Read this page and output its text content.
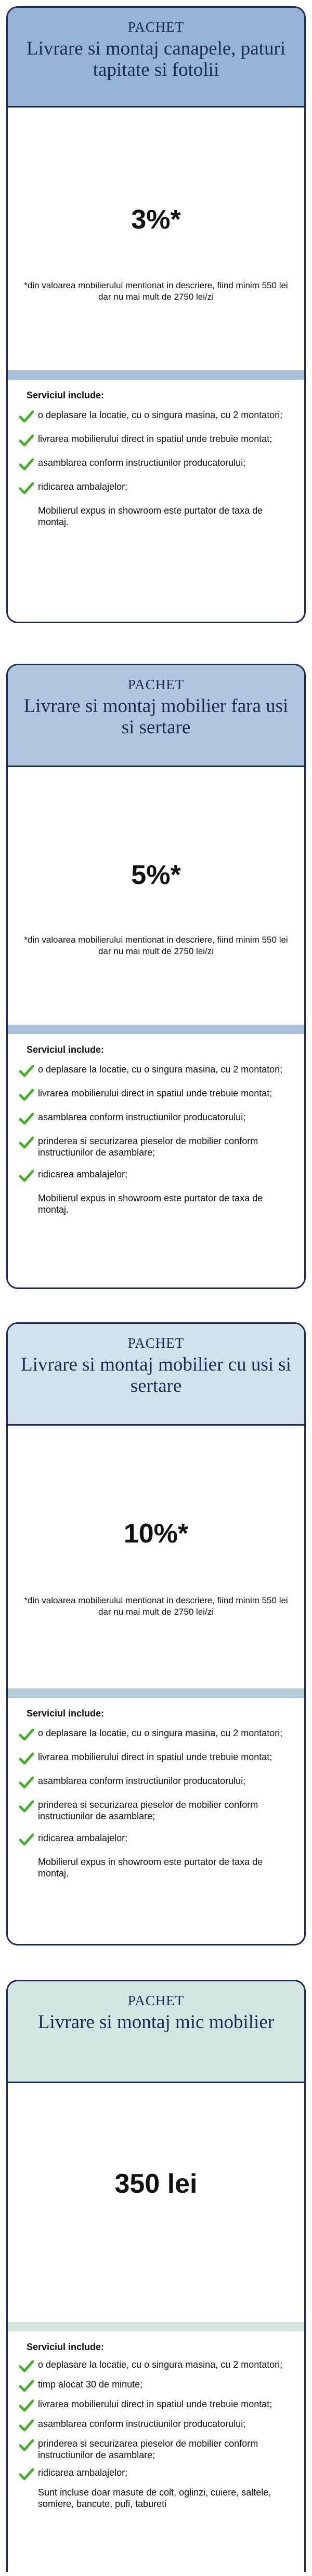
PACHET
Livrare si montaj canapele, paturi tapitate si fotolii
3%*
*din valoarea mobilierului mentionat in descriere, fiind minim 550 lei dar nu mai mult de 2750 lei/zi
Serviciul include:
o deplasare la locatie, cu o singura masina, cu 2 montatori;
livrarea mobilierului direct in spatiul unde trebuie montat;
asamblarea conform instructiunilor producatorului;
ridicarea ambalajelor;
Mobilierul expus in showroom este purtator de taxa de montaj.
PACHET
Livrare si montaj mobilier fara usi si sertare
5%*
*din valoarea mobilierului mentionat in descriere, fiind minim 550 lei dar nu mai mult de 2750 lei/zi
Serviciul include:
o deplasare la locatie, cu o singura masina, cu 2 montatori;
livrarea mobilierului direct in spatiul unde trebuie montat;
asamblarea conform instructiunilor producatorului;
prinderea si securizarea pieselor de mobilier conform instructiunilor de asamblare;
ridicarea ambalajelor;
Mobilierul expus in showroom este purtator de taxa de montaj.
PACHET
Livrare si montaj mobilier cu usi si sertare
10%*
*din valoarea mobilierului mentionat in descriere, fiind minim 550 lei dar nu mai mult de 2750 lei/zi
Serviciul include:
o deplasare la locatie, cu o singura masina, cu 2 montatori;
livrarea mobilierului direct in spatiul unde trebuie montat;
asamblarea conform instructiunilor producatorului;
prinderea si securizarea pieselor de mobilier conform instructiunilor de asamblare;
ridicarea ambalajelor;
Mobilierul expus in showroom este purtator de taxa de montaj.
PACHET
Livrare si montaj mic mobilier
350 lei
Serviciul include:
o deplasare la locatie, cu o singura masina, cu 2 montatori;
timp alocat 30 de minute;
livrarea mobilierului direct in spatiul unde trebuie montat;
asamblarea conform instructiunilor producatorului;
prinderea si securizarea pieselor de mobilier conform instructiunilor de asamblare;
ridicarea ambalajelor;
Sunt incluse doar masute de colt, oglinzi, cuiere, saltele, somiere, bancute, pufi, tabureti
